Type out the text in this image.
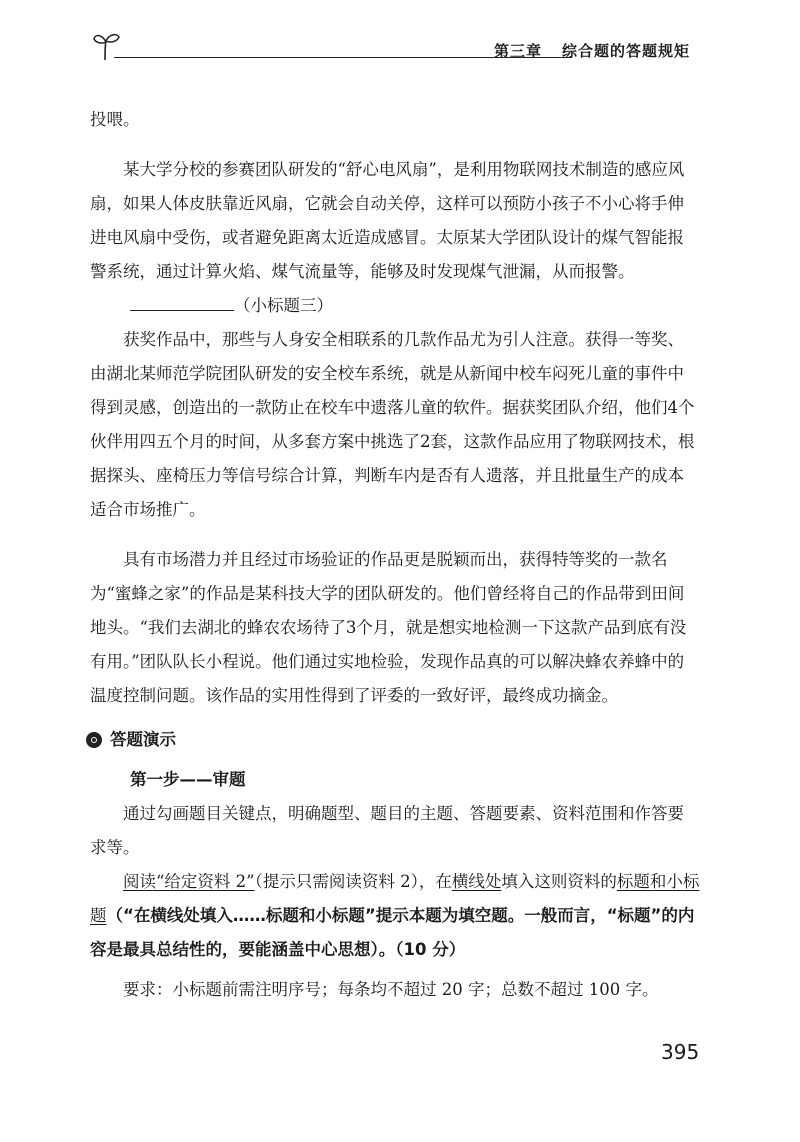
第三章 综合题的答题规矩

投喂。

某大学分校的参赛团队研发的“舒心电风扇”，是利用物联网技术制造的感应风扇，如果人体皮肤靠近风扇，它就会自动关停，这样可以预防小孩子不小心将手伸进电风扇中受伤，或者避免距离太近造成感冒。太原某大学团队设计的煤气智能报警系统，通过计算火焰、煤气流量等，能够及时发现煤气泄漏，从而报警。

（小标题三）

获奖作品中，那些与人身安全相联系的几款作品尤为引人注意。获得一等奖、由湖北某师范学院团队研发的安全校车系统，就是从新闻中校车闷死儿童的事件中得到灵感，创造出的一款防止在校车中遗落儿童的软件。据获奖团队介绍，他们4个伙伴用四五个月的时间，从多套方案中挑选了2套，这款作品应用了物联网技术，根据探头、座椅压力等信号综合计算，判断车内是否有人遗落，并且批量生产的成本适合市场推广。

具有市场潜力并且经过市场验证的作品更是脱颖而出，获得特等奖的一款名为“蜜蜂之家”的作品是某科技大学的团队研发的。他们曾经将自己的作品带到田间地头。“我们去湖北的蜂农农场待了3个月，就是想实地检测一下这款产品到底有没有用。”团队队长小程说。他们通过实地检验，发现作品真的可以解决蜂农养蜂中的温度控制问题。该作品的实用性得到了评委的一致好评，最终成功摘金。

答题演示

第一步——审题

通过勾画题目关键点，明确题型、题目的主题、答题要素、资料范围和作答要求等。

阅读“给定资料 2”（提示只需阅读资料 2），在横线处填入这则资料的标题和小标题（“在横线处填入……标题和小标题”提示本题为填空题。一般而言，“标题”的内容是最具总结性的，要能涵盖中心思想）。（10 分）

要求：小标题前需注明序号；每条均不超过 20 字；总数不超过 100 字。

395
